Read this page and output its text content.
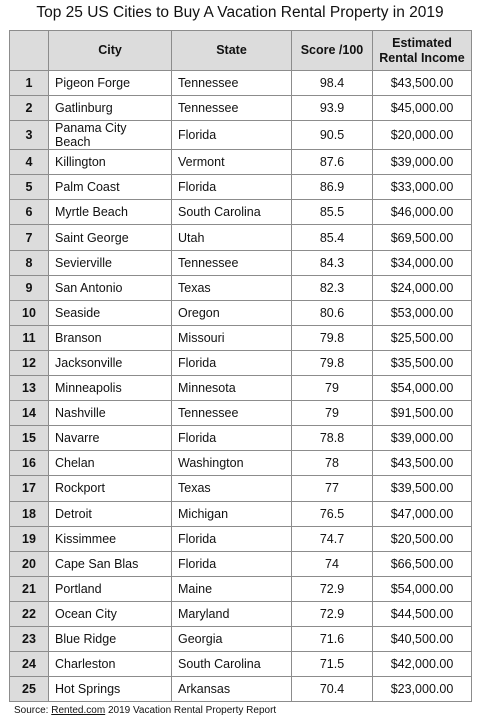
Top 25 US Cities to Buy A Vacation Rental Property in 2019
	City	State	Score /100	Estimated Rental Income
1	Pigeon Forge	Tennessee	98.4	$43,500.00
2	Gatlinburg	Tennessee	93.9	$45,000.00
3	Panama City Beach	Florida	90.5	$20,000.00
4	Killington	Vermont	87.6	$39,000.00
5	Palm Coast	Florida	86.9	$33,000.00
6	Myrtle Beach	South Carolina	85.5	$46,000.00
7	Saint George	Utah	85.4	$69,500.00
8	Sevierville	Tennessee	84.3	$34,000.00
9	San Antonio	Texas	82.3	$24,000.00
10	Seaside	Oregon	80.6	$53,000.00
11	Branson	Missouri	79.8	$25,500.00
12	Jacksonville	Florida	79.8	$35,500.00
13	Minneapolis	Minnesota	79	$54,000.00
14	Nashville	Tennessee	79	$91,500.00
15	Navarre	Florida	78.8	$39,000.00
16	Chelan	Washington	78	$43,500.00
17	Rockport	Texas	77	$39,500.00
18	Detroit	Michigan	76.5	$47,000.00
19	Kissimmee	Florida	74.7	$20,500.00
20	Cape San Blas	Florida	74	$66,500.00
21	Portland	Maine	72.9	$54,000.00
22	Ocean City	Maryland	72.9	$44,500.00
23	Blue Ridge	Georgia	71.6	$40,500.00
24	Charleston	South Carolina	71.5	$42,000.00
25	Hot Springs	Arkansas	70.4	$23,000.00
Source: Rented.com 2019 Vacation Rental Property Report
